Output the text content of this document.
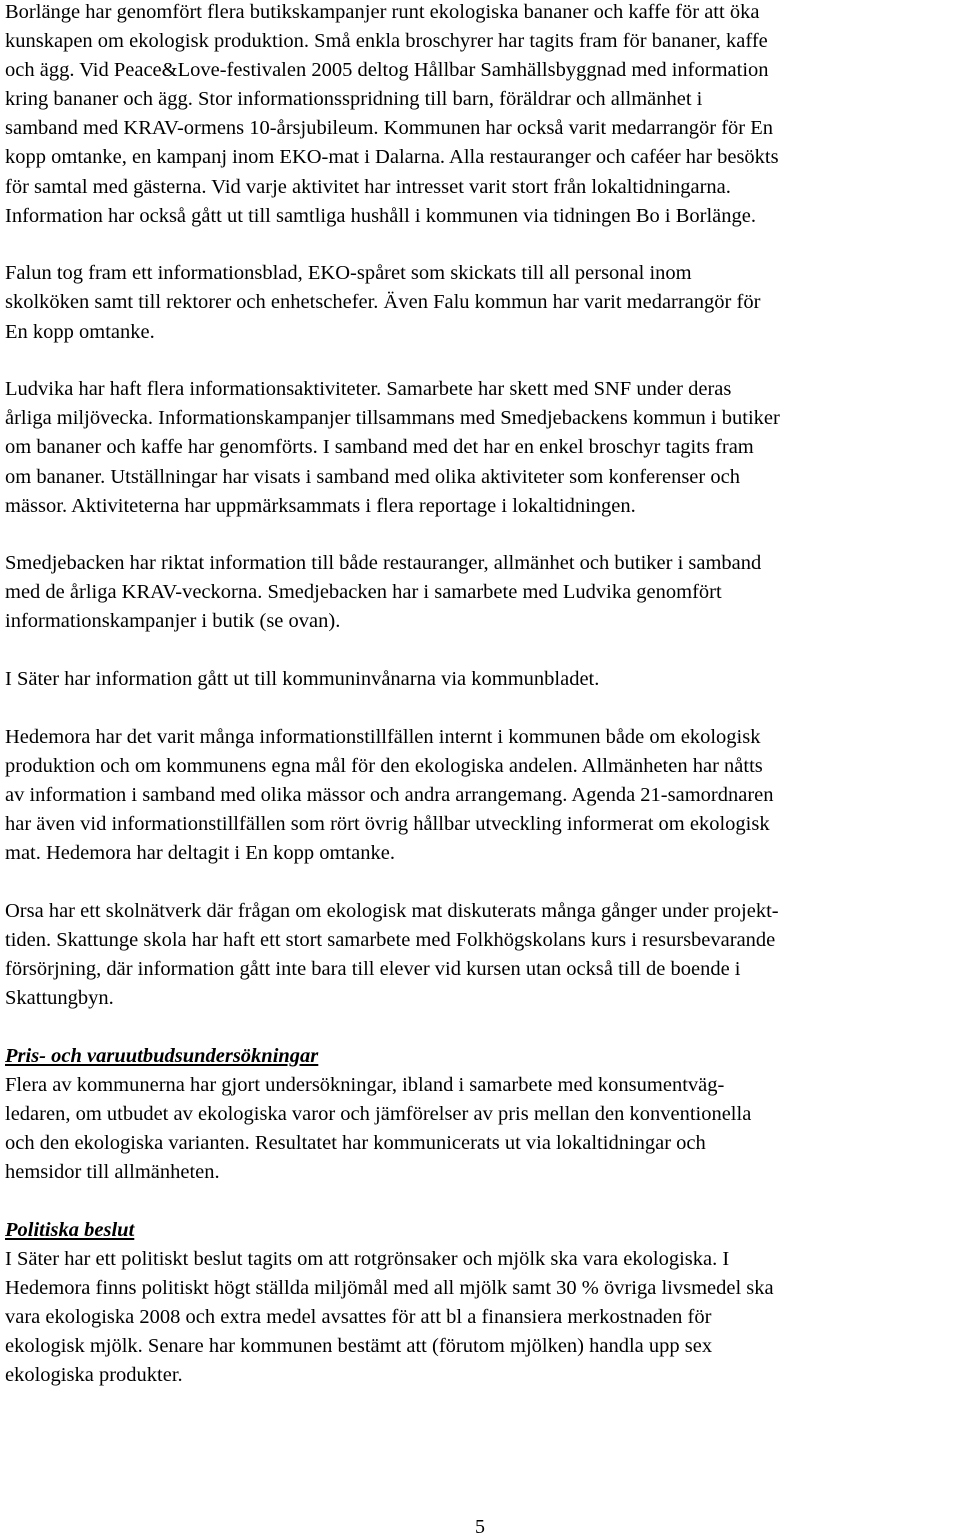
Borlänge har genomfört flera butikskampanjer runt ekologiska bananer och kaffe för att öka
kunskapen om ekologisk produktion. Små enkla broschyrer har tagits fram för bananer, kaffe
och ägg. Vid Peace&Love-festivalen 2005 deltog Hållbar Samhällsbyggnad med information
kring bananer och ägg. Stor informationsspridning till barn, föräldrar och allmänhet i
samband med KRAV-ormens 10-årsjubileum. Kommunen har också varit medarrangör för En
kopp omtanke, en kampanj inom EKO-mat i Dalarna. Alla restauranger och caféer har besökts
för samtal med gästerna. Vid varje aktivitet har intresset varit stort från lokaltidningarna.
Information har också gått ut till samtliga hushåll i kommunen via tidningen Bo i Borlänge.
Falun tog fram ett informationsblad, EKO-spåret som skickats till all personal inom
skolköken samt till rektorer och enhetschefer. Även Falu kommun har varit medarrangör för
En kopp omtanke.
Ludvika har haft flera informationsaktiviteter. Samarbete har skett med SNF under deras
årliga miljövecka. Informationskampanjer tillsammans med Smedjebackens kommun i butiker
om bananer och kaffe har genomförts. I samband med det har en enkel broschyr tagits fram
om bananer. Utställningar har visats i samband med olika aktiviteter som konferenser och
mässor. Aktiviteterna har uppmärksammats i flera reportage i lokaltidningen.
Smedjebacken har riktat information till både restauranger, allmänhet och butiker i samband
med de årliga KRAV-veckorna. Smedjebacken har i samarbete med Ludvika genomfört
informationskampanjer i butik (se ovan).
I Säter har information gått ut till kommuninvånarna via kommunbladet.
Hedemora har det varit många informationstillfällen internt i kommunen både om ekologisk
produktion och om kommunens egna mål för den ekologiska andelen. Allmänheten har nåtts
av information i samband med olika mässor och andra arrangemang. Agenda 21-samordnaren
har även vid informationstillfällen som rört övrig hållbar utveckling informerat om ekologisk
mat. Hedemora har deltagit i En kopp omtanke.
Orsa har ett skolnätverk där frågan om ekologisk mat diskuterats många gånger under projekt-
tiden. Skattunge skola har haft ett stort samarbete med Folkhögskolans kurs i resursbevarande
försörjning, där information gått inte bara till elever vid kursen utan också till de boende i
Skattungbyn.
Pris- och varuutbudsundersökningar
Flera av kommunerna har gjort undersökningar, ibland i samarbete med konsumentväg-
ledaren, om utbudet av ekologiska varor och jämförelser av pris mellan den konventionella
och den ekologiska varianten. Resultatet har kommunicerats ut via lokaltidningar och
hemsidor till allmänheten.
Politiska beslut
I Säter har ett politiskt beslut tagits om att rotgrönsaker och mjölk ska vara ekologiska. I
Hedemora finns politiskt högt ställda miljömål med all mjölk samt 30 % övriga livsmedel ska
vara ekologiska 2008 och extra medel avsattes för att bl a finansiera merkostnaden för
ekologisk mjölk. Senare har kommunen bestämt att (förutom mjölken) handla upp sex
ekologiska produkter.
5
